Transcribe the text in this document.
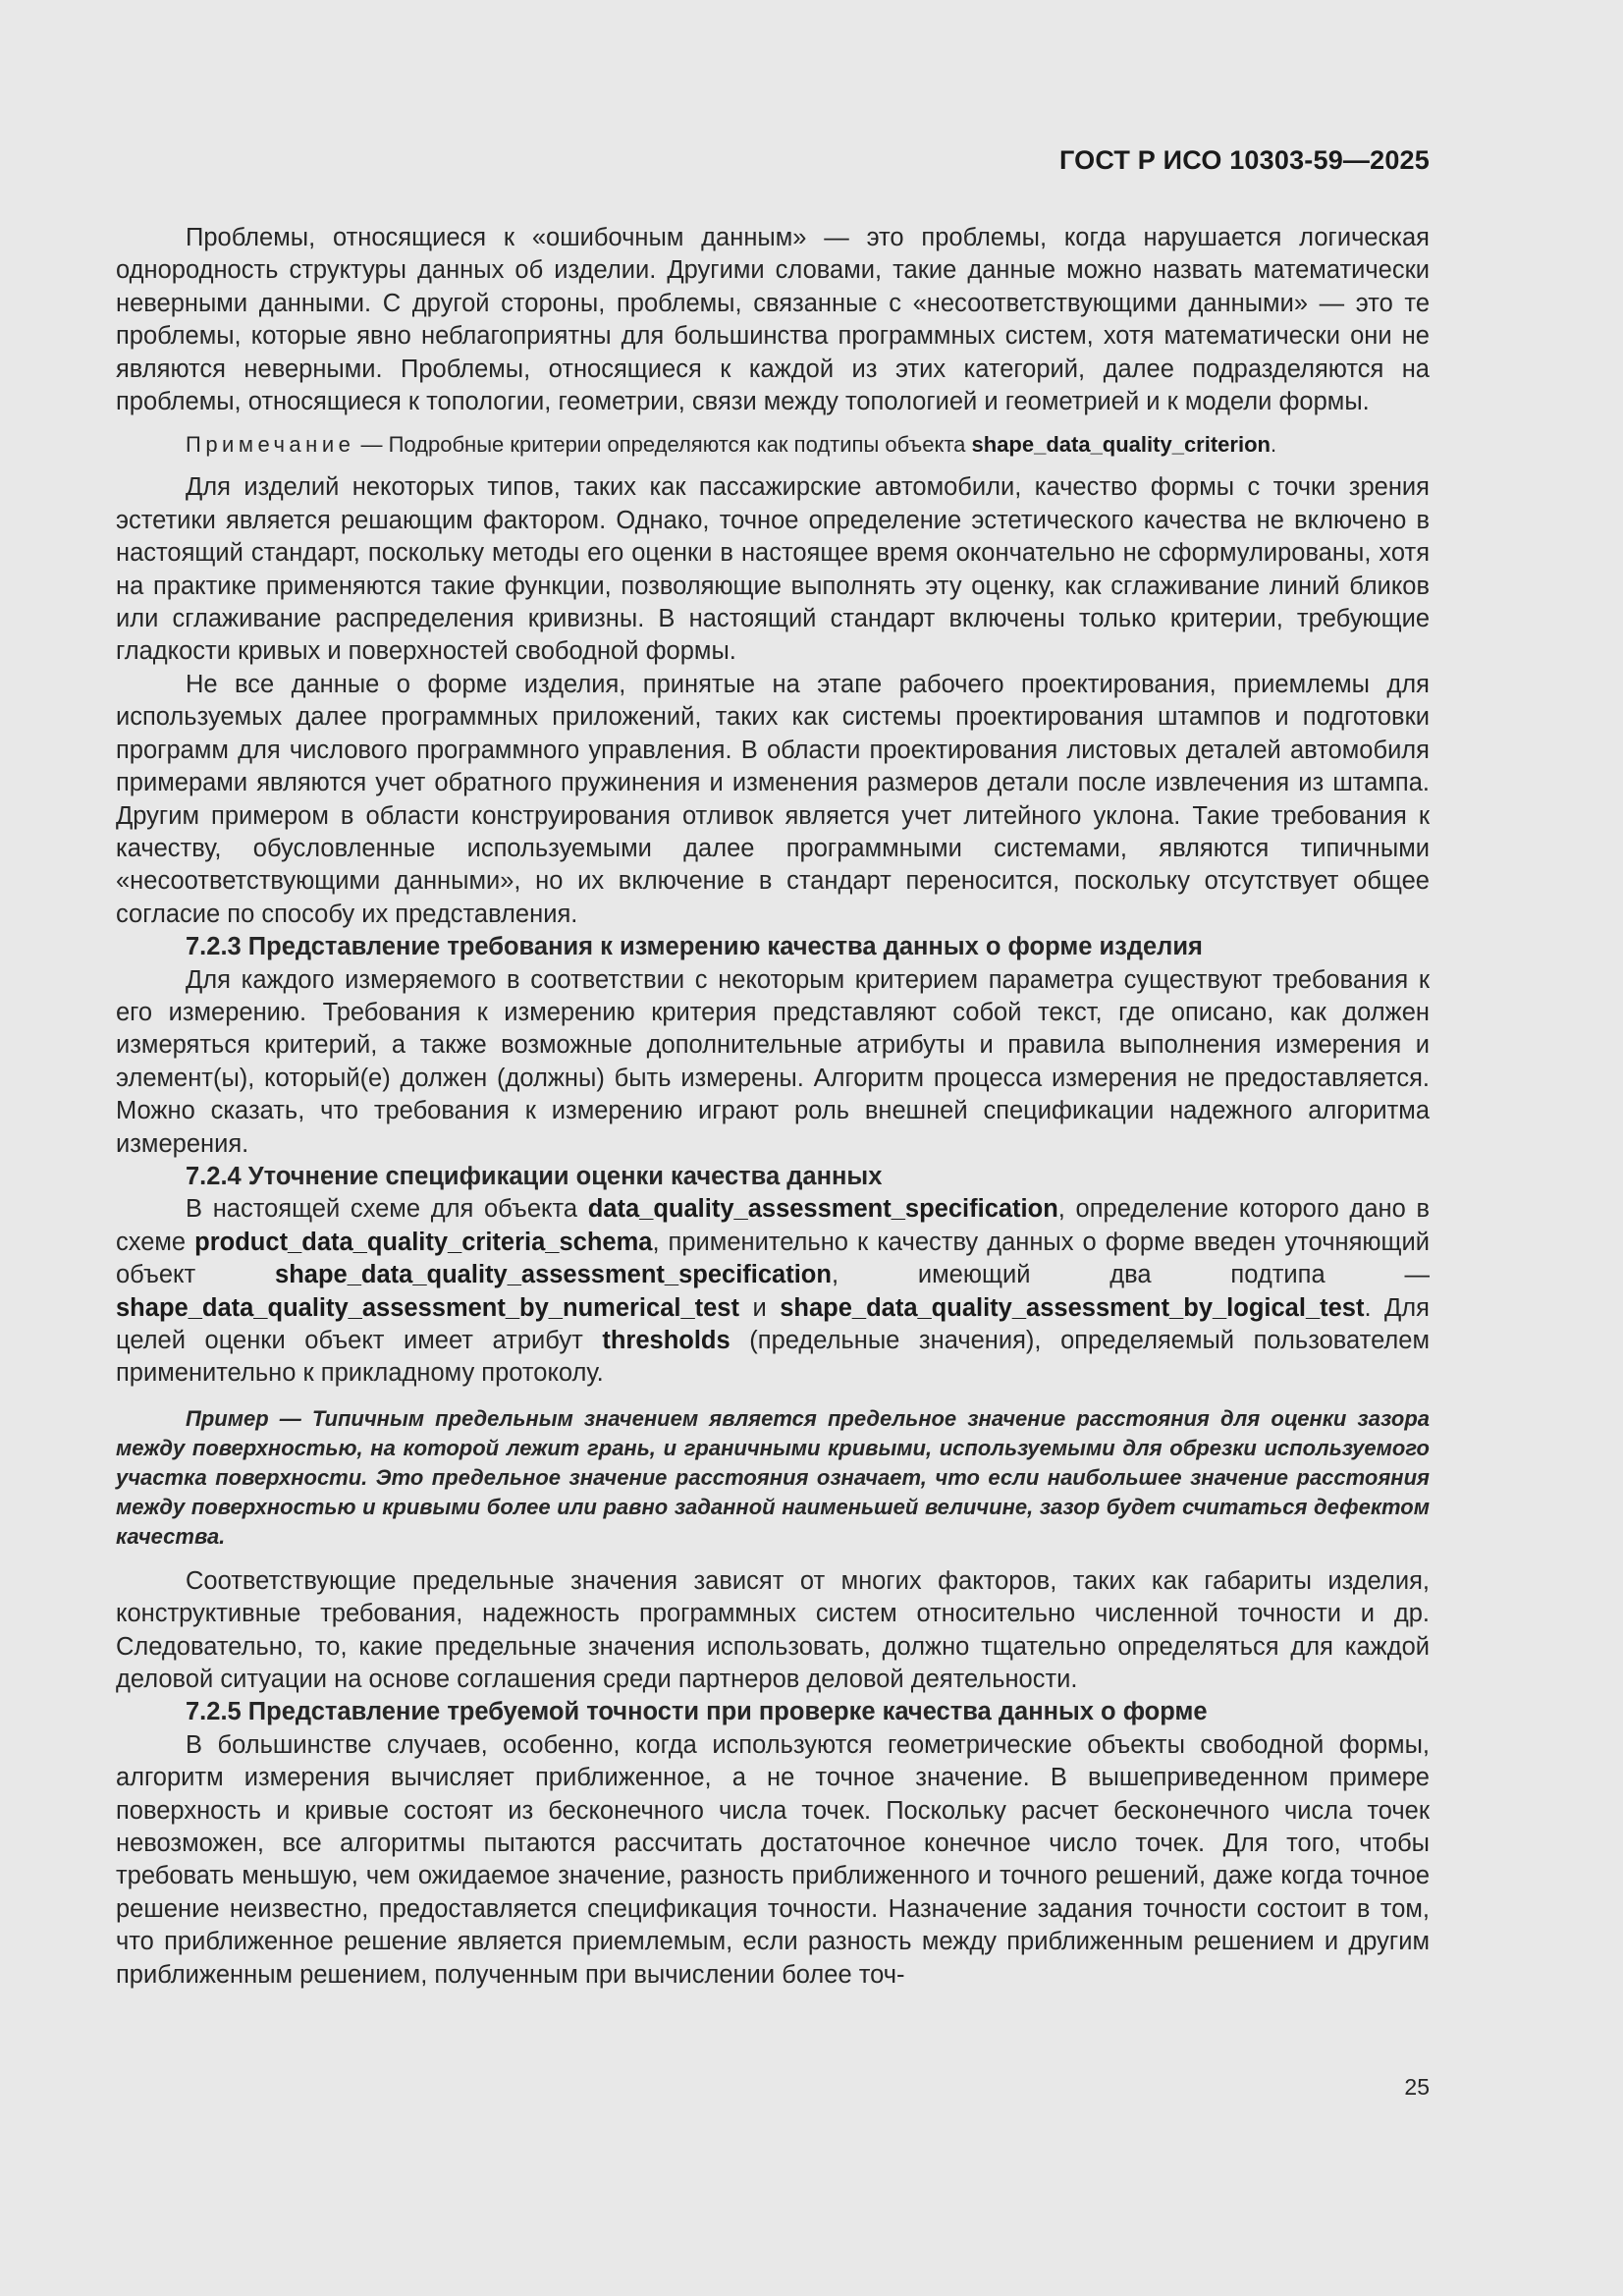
ГОСТ Р ИСО 10303-59—2025

Проблемы, относящиеся к «ошибочным данным» — это проблемы, когда нарушается логическая однородность структуры данных об изделии. Другими словами, такие данные можно назвать математически неверными данными. С другой стороны, проблемы, связанные с «несоответствующими данными» — это те проблемы, которые явно неблагоприятны для большинства программных систем, хотя математически они не являются неверными. Проблемы, относящиеся к каждой из этих категорий, далее подразделяются на проблемы, относящиеся к топологии, геометрии, связи между топологией и геометрией и к модели формы.

Примечание — Подробные критерии определяются как подтипы объекта shape_data_quality_criterion.

Для изделий некоторых типов, таких как пассажирские автомобили, качество формы с точки зрения эстетики является решающим фактором. Однако, точное определение эстетического качества не включено в настоящий стандарт, поскольку методы его оценки в настоящее время окончательно не сформулированы, хотя на практике применяются такие функции, позволяющие выполнять эту оценку, как сглаживание линий бликов или сглаживание распределения кривизны. В настоящий стандарт включены только критерии, требующие гладкости кривых и поверхностей свободной формы.

Не все данные о форме изделия, принятые на этапе рабочего проектирования, приемлемы для используемых далее программных приложений, таких как системы проектирования штампов и подготовки программ для числового программного управления. В области проектирования листовых деталей автомобиля примерами являются учет обратного пружинения и изменения размеров детали после извлечения из штампа. Другим примером в области конструирования отливок является учет литейного уклона. Такие требования к качеству, обусловленные используемыми далее программными системами, являются типичными «несоответствующими данными», но их включение в стандарт переносится, поскольку отсутствует общее согласие по способу их представления.

7.2.3 Представление требования к измерению качества данных о форме изделия

Для каждого измеряемого в соответствии с некоторым критерием параметра существуют требования к его измерению. Требования к измерению критерия представляют собой текст, где описано, как должен измеряться критерий, а также возможные дополнительные атрибуты и правила выполнения измерения и элемент(ы), который(е) должен (должны) быть измерены. Алгоритм процесса измерения не предоставляется. Можно сказать, что требования к измерению играют роль внешней спецификации надежного алгоритма измерения.

7.2.4 Уточнение спецификации оценки качества данных

В настоящей схеме для объекта data_quality_assessment_specification, определение которого дано в схеме product_data_quality_criteria_schema, применительно к качеству данных о форме введен уточняющий объект shape_data_quality_assessment_specification, имеющий два подтипа — shape_data_quality_assessment_by_numerical_test и shape_data_quality_assessment_by_logical_test. Для целей оценки объект имеет атрибут thresholds (предельные значения), определяемый пользователем применительно к прикладному протоколу.

Пример — Типичным предельным значением является предельное значение расстояния для оценки зазора между поверхностью, на которой лежит грань, и граничными кривыми, используемыми для обрезки используемого участка поверхности. Это предельное значение расстояния означает, что если наибольшее значение расстояния между поверхностью и кривыми более или равно заданной наименьшей величине, зазор будет считаться дефектом качества.

Соответствующие предельные значения зависят от многих факторов, таких как габариты изделия, конструктивные требования, надежность программных систем относительно численной точности и др. Следовательно, то, какие предельные значения использовать, должно тщательно определяться для каждой деловой ситуации на основе соглашения среди партнеров деловой деятельности.

7.2.5 Представление требуемой точности при проверке качества данных о форме

В большинстве случаев, особенно, когда используются геометрические объекты свободной формы, алгоритм измерения вычисляет приближенное, а не точное значение. В вышеприведенном примере поверхность и кривые состоят из бесконечного числа точек. Поскольку расчет бесконечного числа точек невозможен, все алгоритмы пытаются рассчитать достаточное конечное число точек. Для того, чтобы требовать меньшую, чем ожидаемое значение, разность приближенного и точного решений, даже когда точное решение неизвестно, предоставляется спецификация точности. Назначение задания точности состоит в том, что приближенное решение является приемлемым, если разность между приближенным решением и другим приближенным решением, полученным при вычислении более точ-

25
